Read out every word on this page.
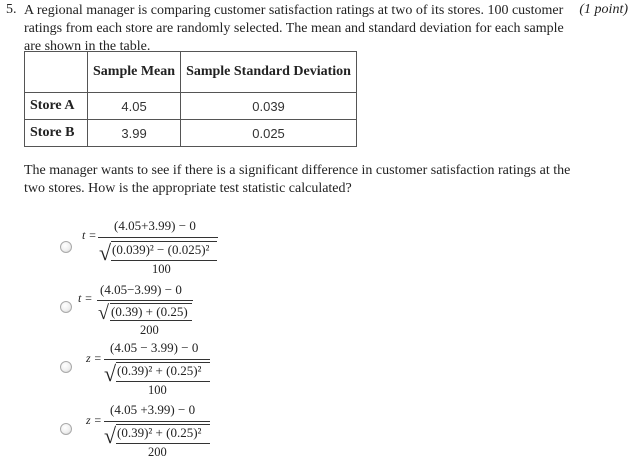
5. A regional manager is comparing customer satisfaction ratings at two of its stores. 100 customer ratings from each store are randomly selected. The mean and standard deviation for each sample are shown in the table.
(1 point)
	Sample Mean	Sample Standard Deviation
Store A	4.05	0.039
Store B	3.99	0.025
The manager wants to see if there is a significant difference in customer satisfaction ratings at the two stores. How is the appropriate test statistic calculated?
t =
(4.05+3.99) − 0
√ (0.039)² − (0.025)²
100
t =
(4.05−3.99) − 0
√ (0.39) + (0.25)
200
z =
(4.05 − 3.99) − 0
√ (0.39)² + (0.25)²
100
z =
(4.05 +3.99) − 0
√ (0.39)² + (0.25)²
200
